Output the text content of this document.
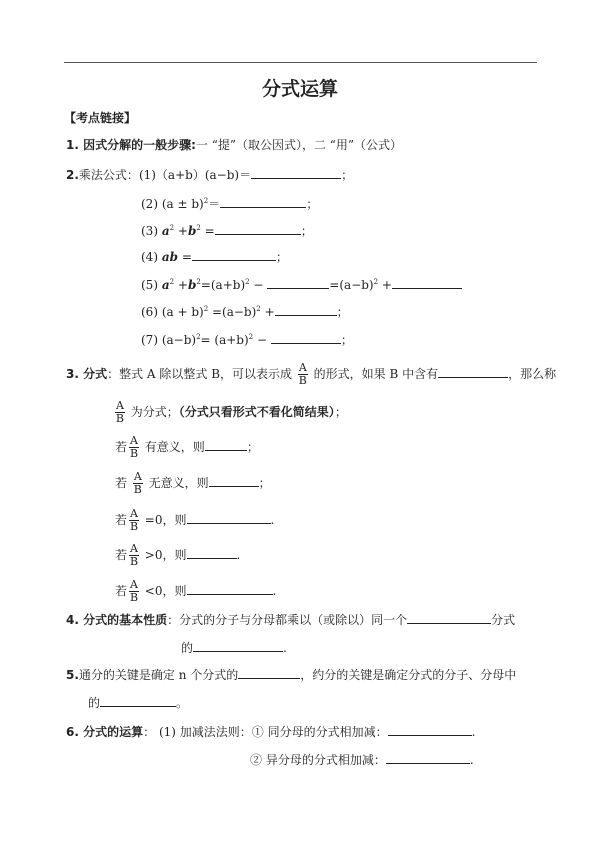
分式运算
【考点链接】
1. 因式分解的一般步骤:一 “提”（取公因式），二 “用”（公式）
2.乘法公式：(1)（a+b）(a−b)＝	；
(2) $(a \pm b)^2=$	；
(3) $a^2 +b^2$ =	；
(4) ab =	；
(5) $a^2 +b^2=(a+b)^2$ −	$=(a-b)^2$ +
(6) $(a + b)^2 =(a-b)^2$ +	；
(7) $(a-b)^2= (a+b)^2$ −	；
3. 分式：整式 A 除以整式 B，可以表示成 $\frac{A}{B}$ 的形式，如果 B 中含有	，那么称
$\frac{A}{B}$ 为分式；（分式只看形式不看化简结果）；
若 $\frac{A}{B}$ 有意义，则	；
若 $\frac{A}{B}$ 无意义，则	；
若 $\frac{A}{B} =0$，则	.
若 $\frac{A}{B} >0$，则	.
若 $\frac{A}{B} <0$，则	.
4. 分式的基本性质：分式的分子与分母都乘以（或除以）同一个	分式
的	.
5.通分的关键是确定 n 个分式的	，约分的关键是确定分式的分子、分母中
的	。
6. 分式的运算： (1) 加减法法则：① 同分母的分式相加减：	.
② 异分母的分式相加减：	.
